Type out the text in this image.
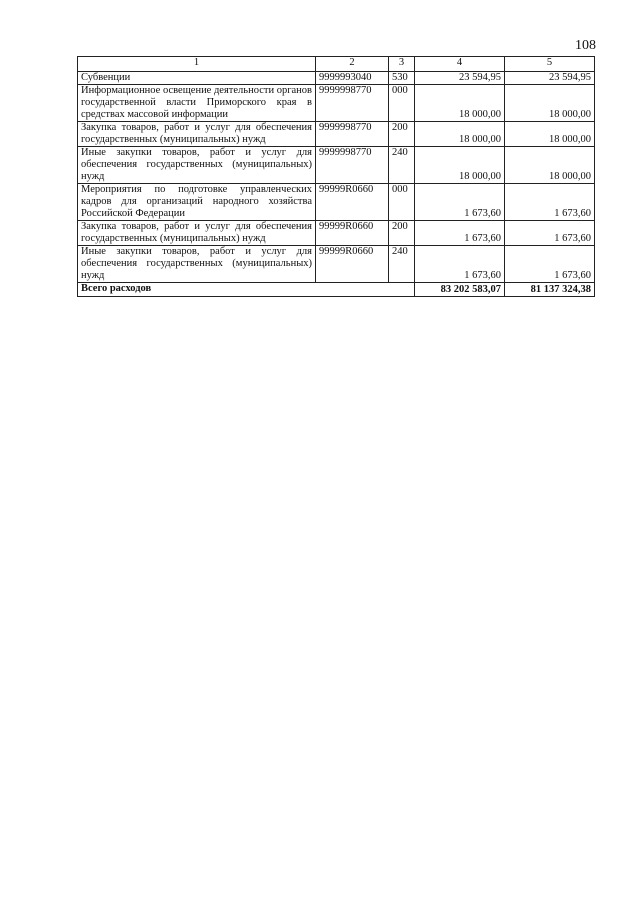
108
1	2	3	4	5
Субвенции	9999993040	530	23 594,95	23 594,95
Информационное освещение деятельности органов государственной власти Приморского края в средствах массовой информации	9999998770	000	18 000,00	18 000,00
Закупка товаров, работ и услуг для обеспечения государственных (муниципальных) нужд	9999998770	200	18 000,00	18 000,00
Иные закупки товаров, работ и услуг для обеспечения государственных (муниципальных) нужд	9999998770	240	18 000,00	18 000,00
Мероприятия по подготовке управленческих кадров для организаций народного хозяйства Российской Федерации	99999R0660	000	1 673,60	1 673,60
Закупка товаров, работ и услуг для обеспечения государственных (муниципальных) нужд	99999R0660	200	1 673,60	1 673,60
Иные закупки товаров, работ и услуг для обеспечения государственных (муниципальных) нужд	99999R0660	240	1 673,60	1 673,60
Всего расходов			83 202 583,07	81 137 324,38
